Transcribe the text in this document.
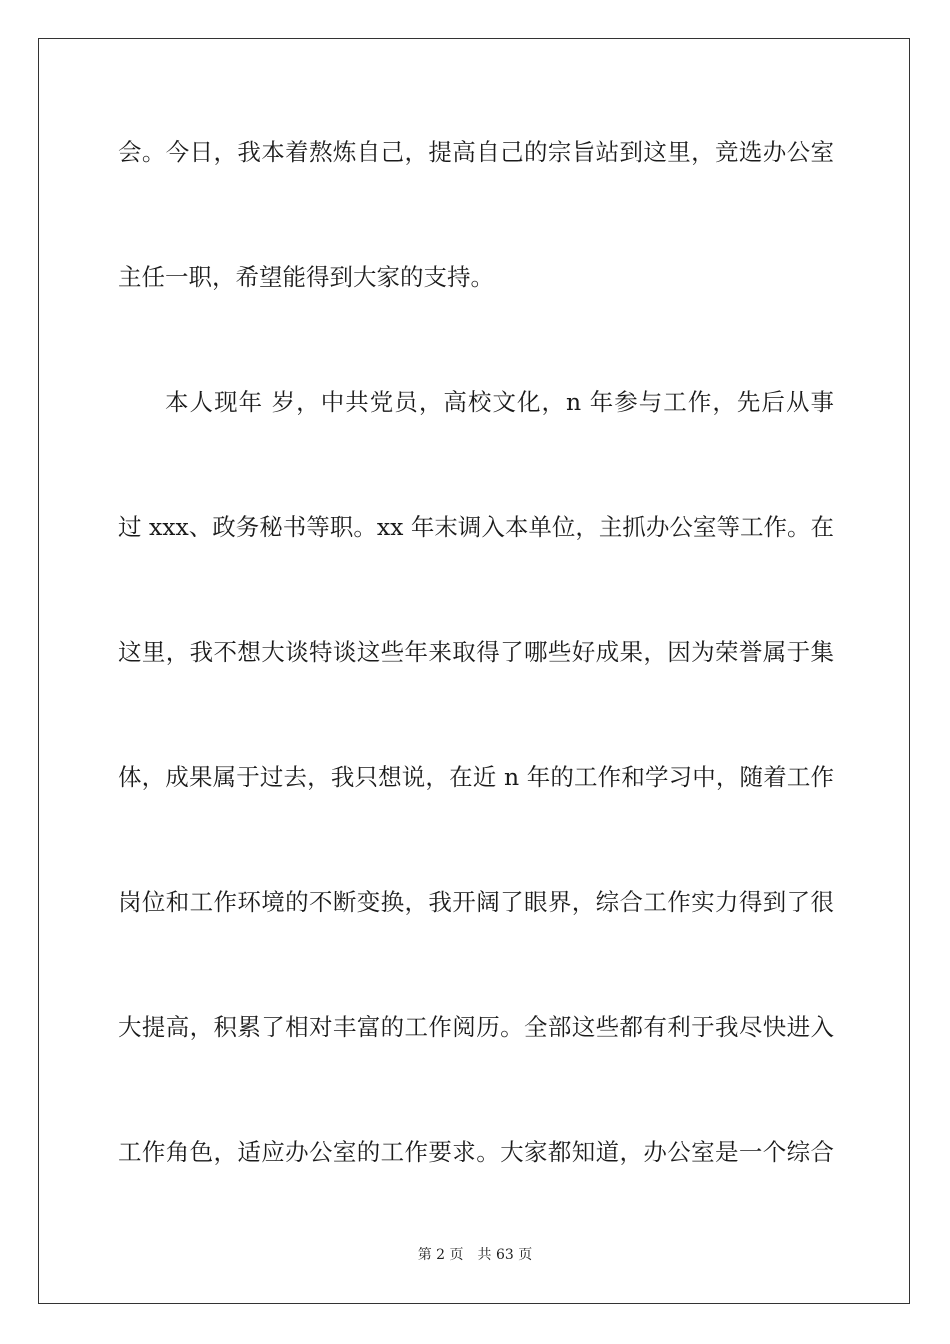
会。今日，我本着熬炼自己，提高自己的宗旨站到这里，竞选办公室
主任一职，希望能得到大家的支持。
本人现年 岁，中共党员，高校文化，n 年参与工作，先后从事
过 xxx、政务秘书等职。xx 年末调入本单位，主抓办公室等工作。在
这里，我不想大谈特谈这些年来取得了哪些好成果，因为荣誉属于集
体，成果属于过去，我只想说，在近 n 年的工作和学习中，随着工作
岗位和工作环境的不断变换，我开阔了眼界，综合工作实力得到了很
大提高，积累了相对丰富的工作阅历。全部这些都有利于我尽快进入
工作角色，适应办公室的工作要求。大家都知道，办公室是一个综合
第 2 页 共 63 页
